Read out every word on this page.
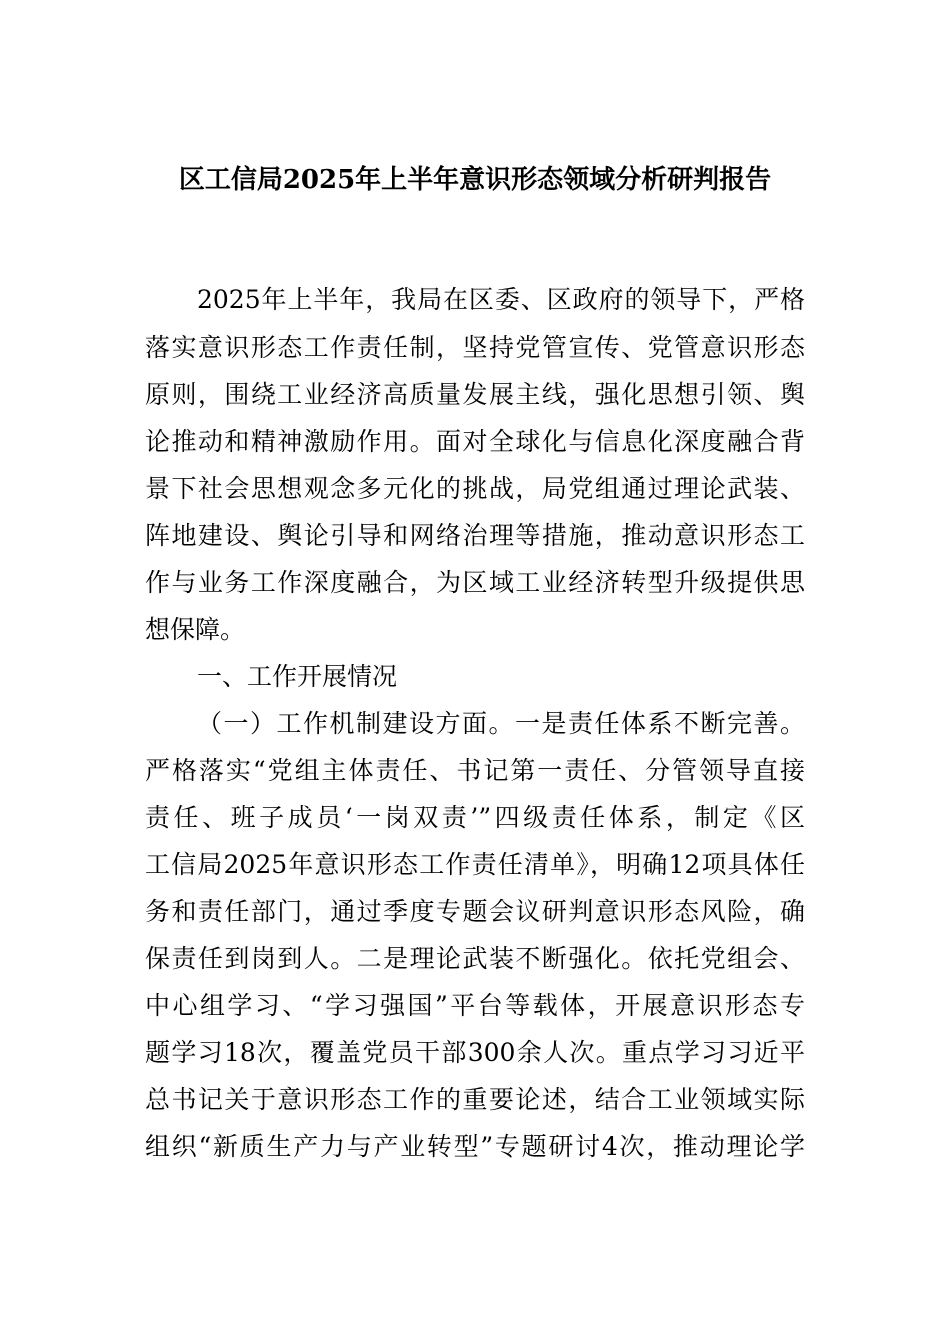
区工信局2025年上半年意识形态领域分析研判报告

2025年上半年，我局在区委、区政府的领导下，严格

落实意识形态工作责任制，坚持党管宣传、党管意识形态

原则，围绕工业经济高质量发展主线，强化思想引领、舆

论推动和精神激励作用。面对全球化与信息化深度融合背

景下社会思想观念多元化的挑战，局党组通过理论武装、

阵地建设、舆论引导和网络治理等措施，推动意识形态工

作与业务工作深度融合，为区域工业经济转型升级提供思

想保障。

一、工作开展情况

（一）工作机制建设方面。一是责任体系不断完善。

严格落实“党组主体责任、书记第一责任、分管领导直接

责任、班子成员‘一岗双责’”四级责任体系，制定《区

工信局2025年意识形态工作责任清单》，明确12项具体任

务和责任部门，通过季度专题会议研判意识形态风险，确

保责任到岗到人。二是理论武装不断强化。依托党组会、

中心组学习、“学习强国”平台等载体，开展意识形态专

题学习18次，覆盖党员干部300余人次。重点学习习近平

总书记关于意识形态工作的重要论述，结合工业领域实际

组织“新质生产力与产业转型”专题研讨4次，推动理论学
